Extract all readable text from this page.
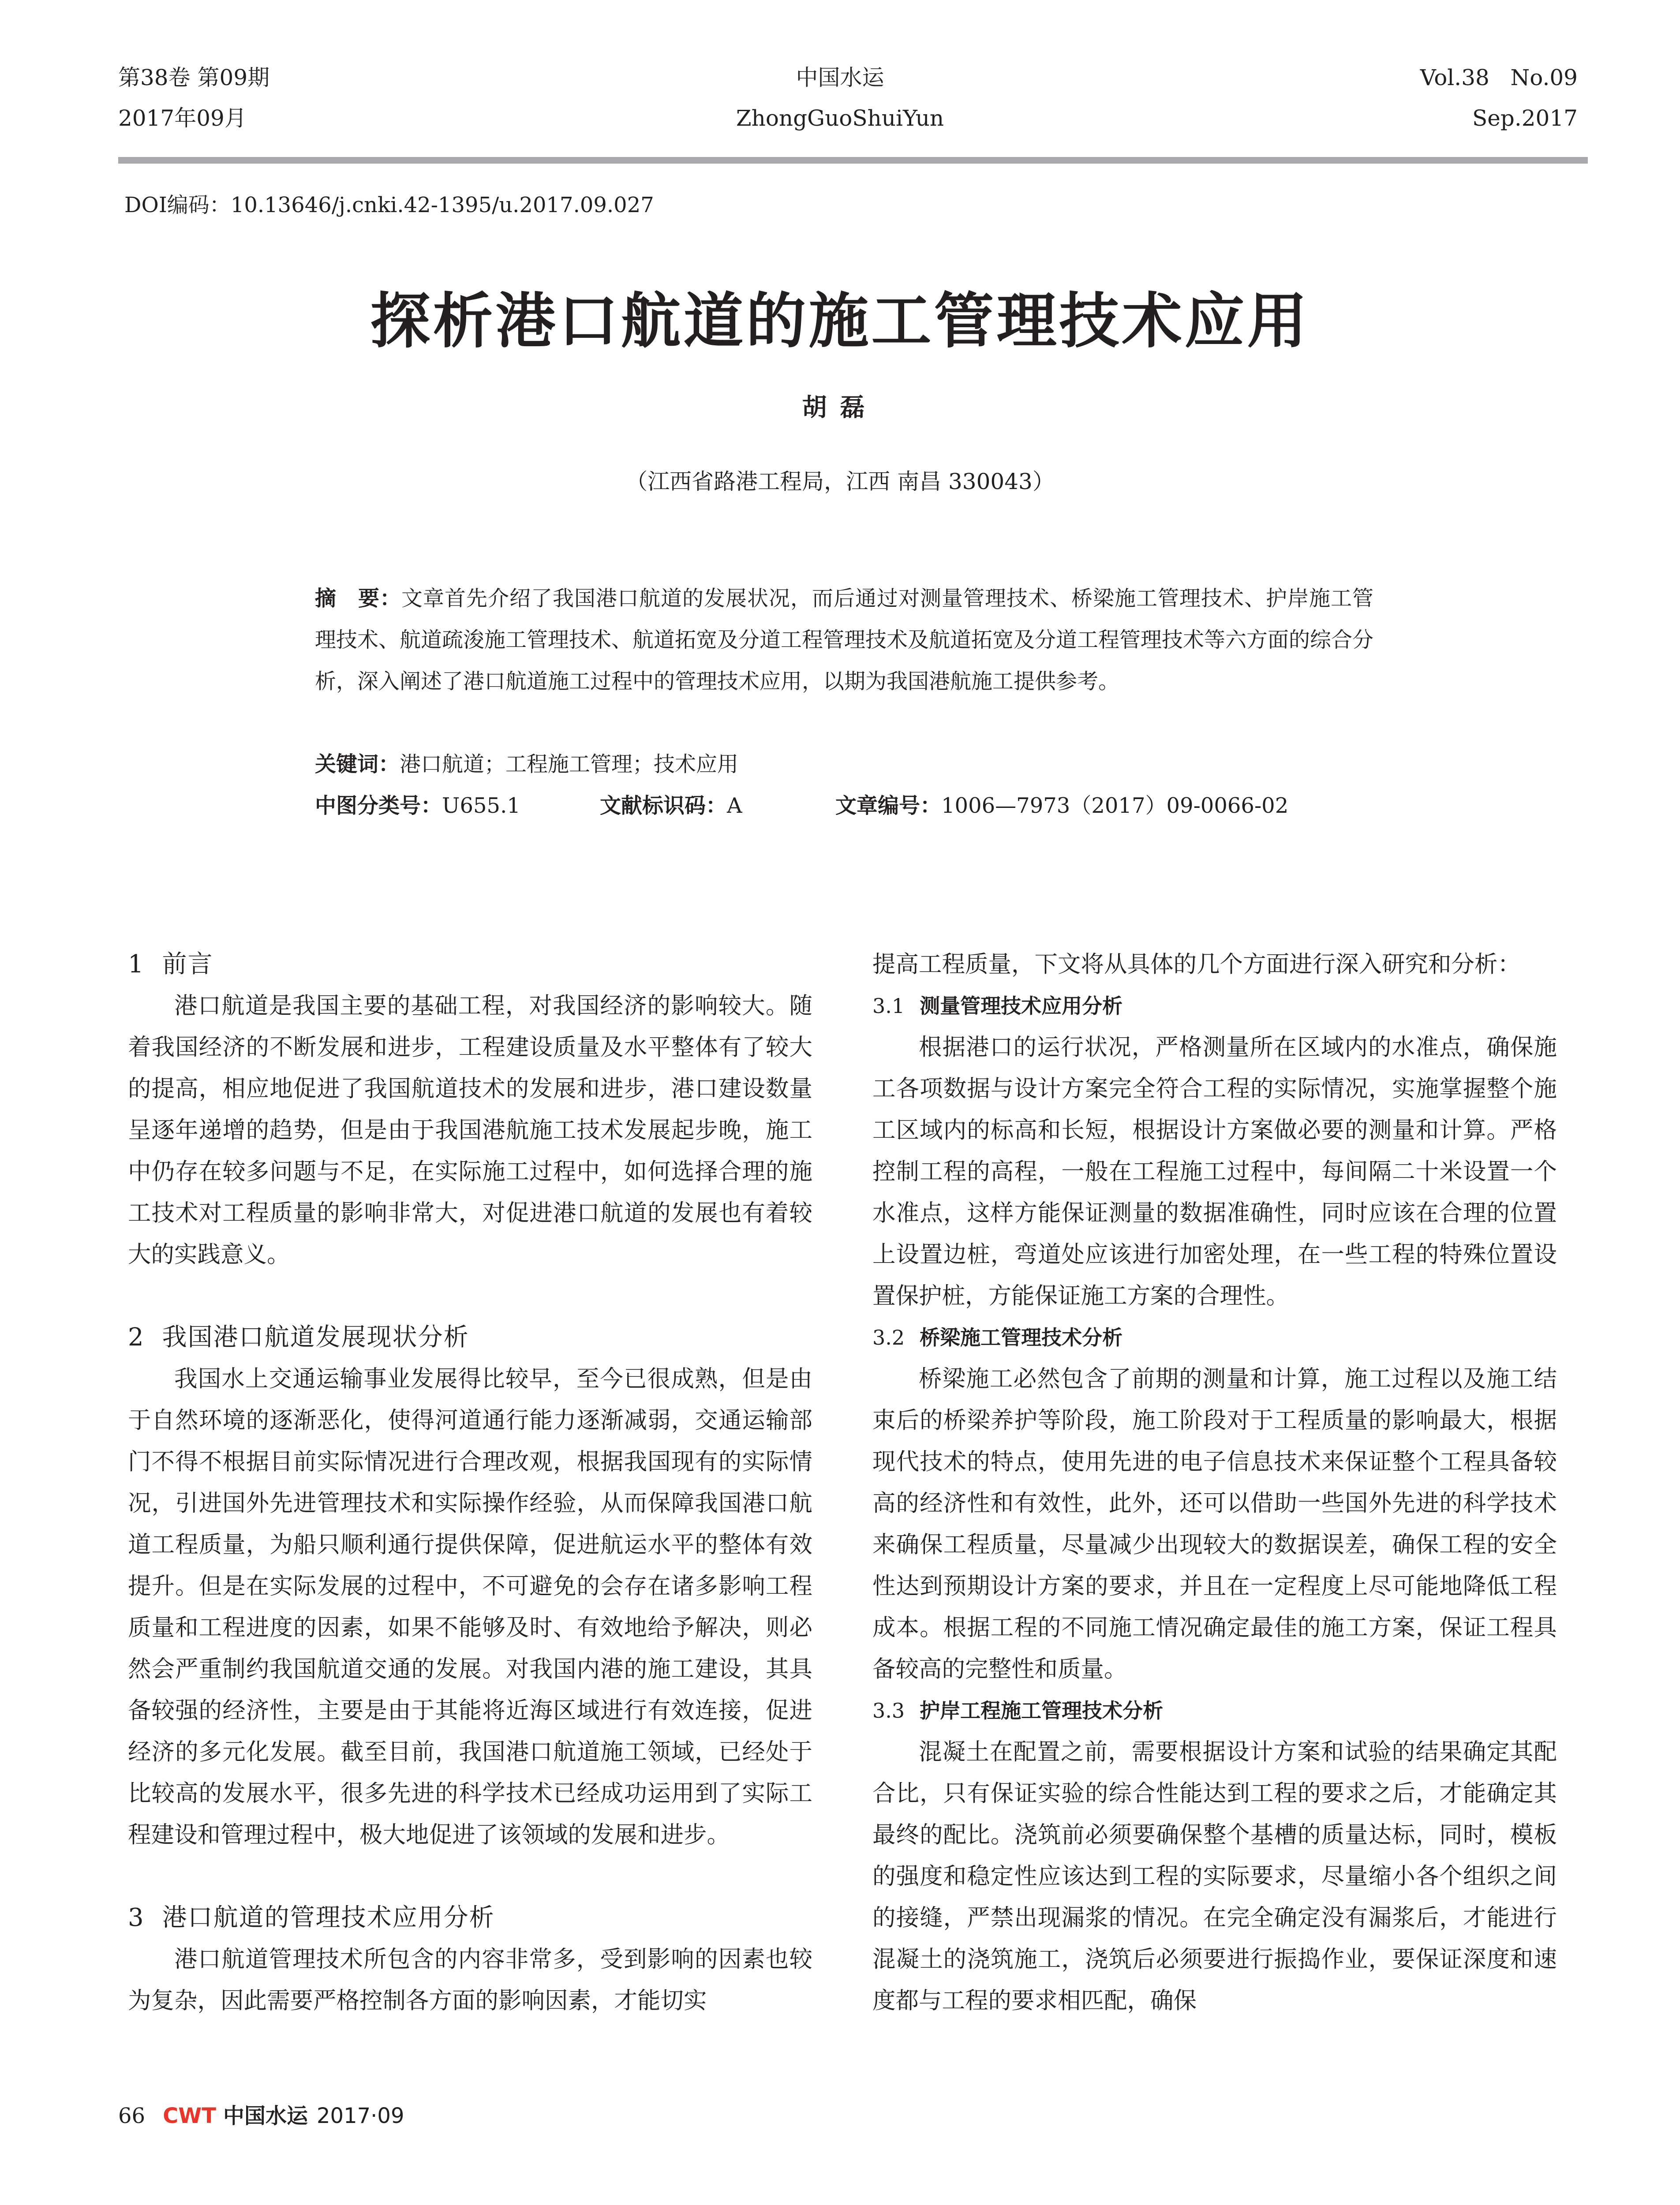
第38卷 第09期
2017年09月
中国水运
ZhongGuoShuiYun
Vol.38   No.09
Sep.2017
DOI编码：10.13646/j.cnki.42-1395/u.2017.09.027
探析港口航道的施工管理技术应用
胡磊
（江西省路港工程局，江西 南昌 330043）
摘　要：文章首先介绍了我国港口航道的发展状况，而后通过对测量管理技术、桥梁施工管理技术、护岸施工管理技术、航道疏浚施工管理技术、航道拓宽及分道工程管理技术及航道拓宽及分道工程管理技术等六方面的综合分析，深入阐述了港口航道施工过程中的管理技术应用，以期为我国港航施工提供参考。
关键词：港口航道；工程施工管理；技术应用
中图分类号：U655.1	文献标识码：A	文章编号：1006—7973（2017）09-0066-02
1 前言

港口航道是我国主要的基础工程，对我国经济的影响较大。随着我国经济的不断发展和进步，工程建设质量及水平整体有了较大的提高，相应地促进了我国航道技术的发展和进步，港口建设数量呈逐年递增的趋势，但是由于我国港航施工技术发展起步晚，施工中仍存在较多问题与不足，在实际施工过程中，如何选择合理的施工技术对工程质量的影响非常大，对促进港口航道的发展也有着较大的实践意义。

2 我国港口航道发展现状分析

我国水上交通运输事业发展得比较早，至今已很成熟，但是由于自然环境的逐渐恶化，使得河道通行能力逐渐减弱，交通运输部门不得不根据目前实际情况进行合理改观，根据我国现有的实际情况，引进国外先进管理技术和实际操作经验，从而保障我国港口航道工程质量，为船只顺利通行提供保障，促进航运水平的整体有效提升。但是在实际发展的过程中，不可避免的会存在诸多影响工程质量和工程进度的因素，如果不能够及时、有效地给予解决，则必然会严重制约我国航道交通的发展。对我国内港的施工建设，其具备较强的经济性，主要是由于其能将近海区域进行有效连接，促进经济的多元化发展。截至目前，我国港口航道施工领域，已经处于比较高的发展水平，很多先进的科学技术已经成功运用到了实际工程建设和管理过程中，极大地促进了该领域的发展和进步。

3 港口航道的管理技术应用分析

港口航道管理技术所包含的内容非常多，受到影响的因素也较为复杂，因此需要严格控制各方面的影响因素，才能切实

提高工程质量，下文将从具体的几个方面进行深入研究和分析：

3.1 测量管理技术应用分析

根据港口的运行状况，严格测量所在区域内的水准点，确保施工各项数据与设计方案完全符合工程的实际情况，实施掌握整个施工区域内的标高和长短，根据设计方案做必要的测量和计算。严格控制工程的高程，一般在工程施工过程中，每间隔二十米设置一个水准点，这样方能保证测量的数据准确性，同时应该在合理的位置上设置边桩，弯道处应该进行加密处理，在一些工程的特殊位置设置保护桩，方能保证施工方案的合理性。

3.2 桥梁施工管理技术分析

桥梁施工必然包含了前期的测量和计算，施工过程以及施工结束后的桥梁养护等阶段，施工阶段对于工程质量的影响最大，根据现代技术的特点，使用先进的电子信息技术来保证整个工程具备较高的经济性和有效性，此外，还可以借助一些国外先进的科学技术来确保工程质量，尽量减少出现较大的数据误差，确保工程的安全性达到预期设计方案的要求，并且在一定程度上尽可能地降低工程成本。根据工程的不同施工情况确定最佳的施工方案，保证工程具备较高的完整性和质量。

3.3 护岸工程施工管理技术分析

混凝土在配置之前，需要根据设计方案和试验的结果确定其配合比，只有保证实验的综合性能达到工程的要求之后，才能确定其最终的配比。浇筑前必须要确保整个基槽的质量达标，同时，模板的强度和稳定性应该达到工程的实际要求，尽量缩小各个组织之间的接缝，严禁出现漏浆的情况。在完全确定没有漏浆后，才能进行混凝土的浇筑施工，浇筑后必须要进行振捣作业，要保证深度和速度都与工程的要求相匹配，确保

66 CWT 中国水运 2017·09
